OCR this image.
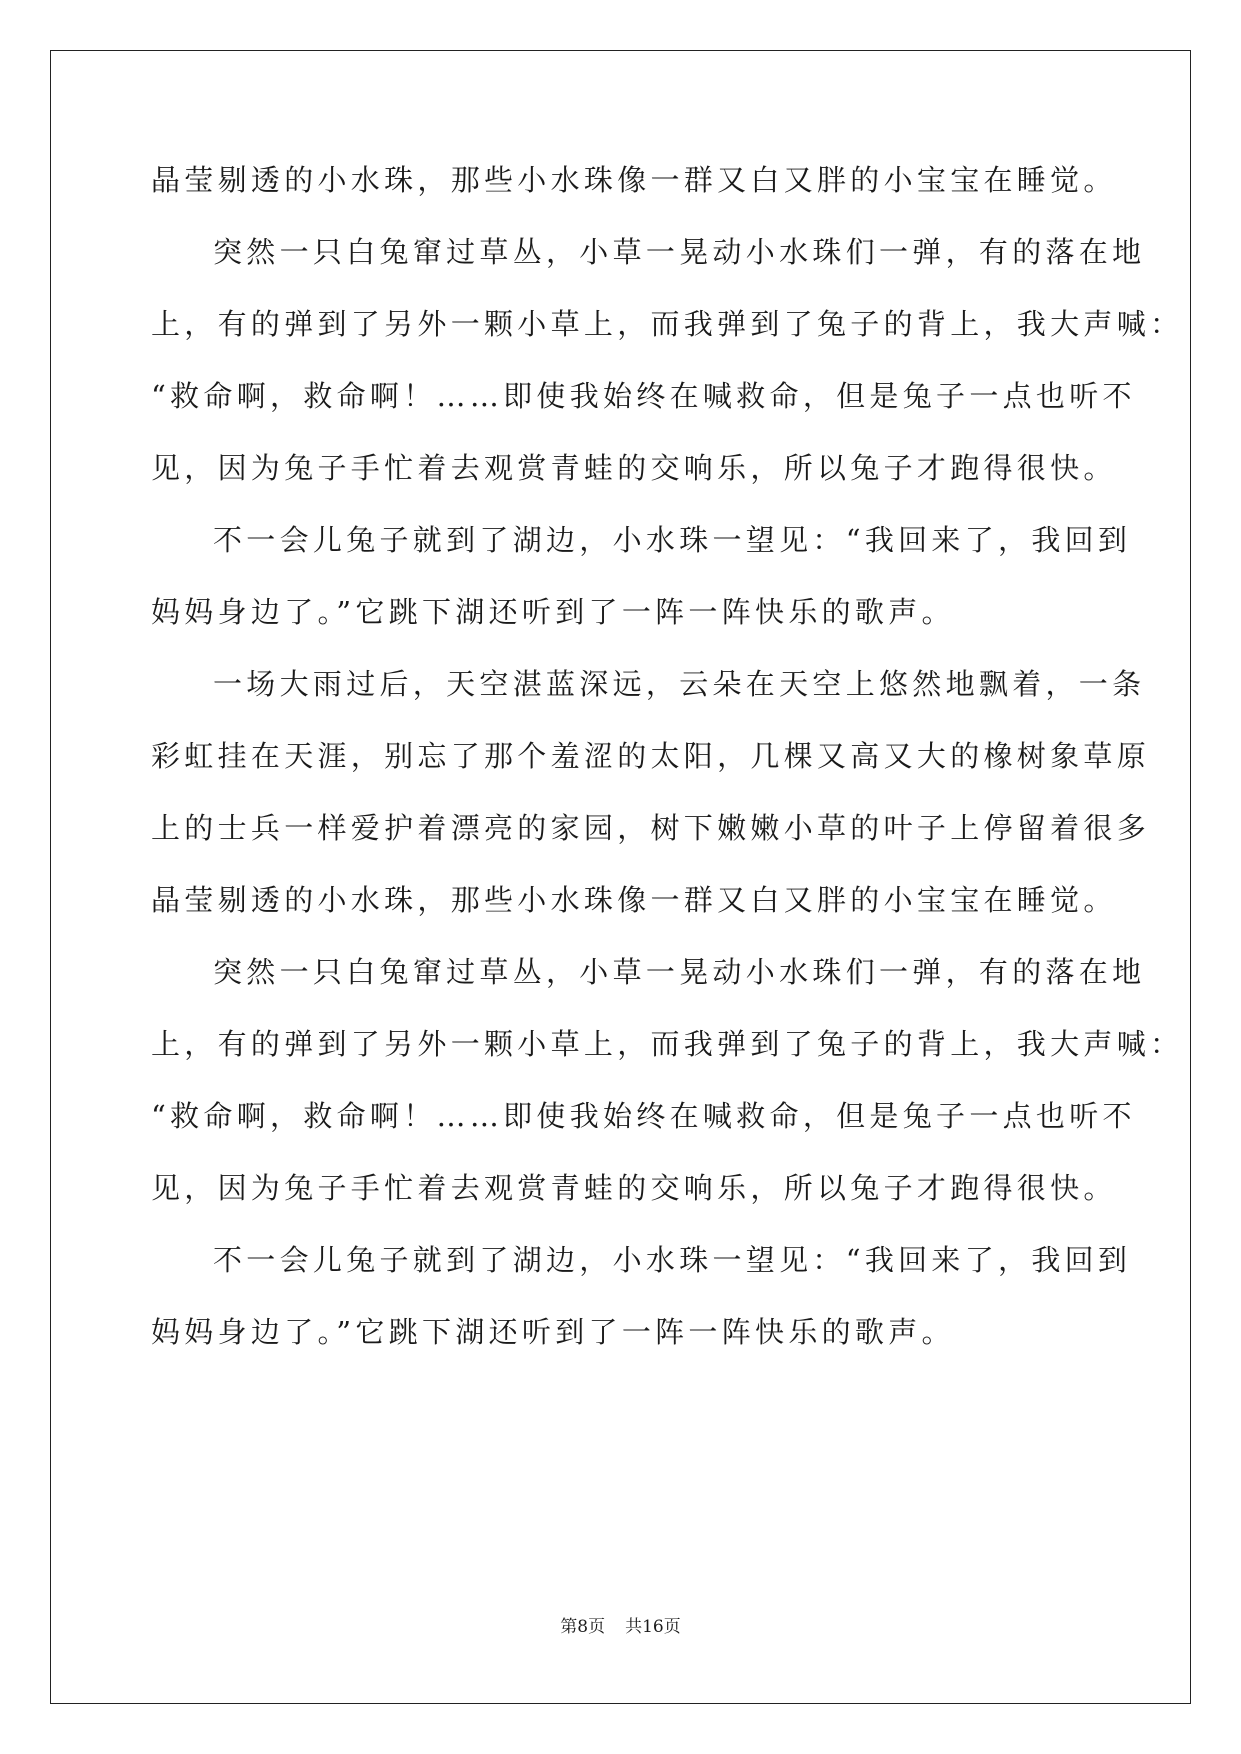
晶莹剔透的小水珠，那些小水珠像一群又白又胖的小宝宝在睡觉。
突然一只白兔窜过草丛，小草一晃动小水珠们一弹，有的落在地
上，有的弹到了另外一颗小草上，而我弹到了兔子的背上，我大声喊：
“救命啊，救命啊！……即使我始终在喊救命，但是兔子一点也听不
见，因为兔子手忙着去观赏青蛙的交响乐，所以兔子才跑得很快。
不一会儿兔子就到了湖边，小水珠一望见：“我回来了，我回到
妈妈身边了。”它跳下湖还听到了一阵一阵快乐的歌声。
一场大雨过后，天空湛蓝深远，云朵在天空上悠然地飘着，一条
彩虹挂在天涯，别忘了那个羞涩的太阳，几棵又高又大的橡树象草原
上的士兵一样爱护着漂亮的家园，树下嫩嫩小草的叶子上停留着很多
晶莹剔透的小水珠，那些小水珠像一群又白又胖的小宝宝在睡觉。
突然一只白兔窜过草丛，小草一晃动小水珠们一弹，有的落在地
上，有的弹到了另外一颗小草上，而我弹到了兔子的背上，我大声喊：
“救命啊，救命啊！……即使我始终在喊救命，但是兔子一点也听不
见，因为兔子手忙着去观赏青蛙的交响乐，所以兔子才跑得很快。
不一会儿兔子就到了湖边，小水珠一望见：“我回来了，我回到
妈妈身边了。”它跳下湖还听到了一阵一阵快乐的歌声。
第8页 共16页
